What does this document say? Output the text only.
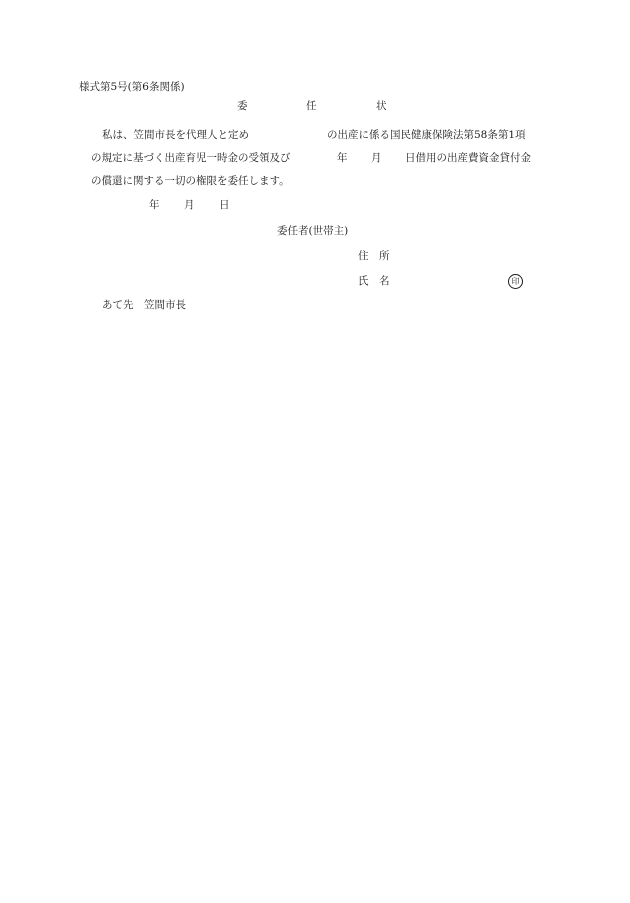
様式第5号(第6条関係)
委	任	状
私は、笠間市長を代理人と定め	の出産に係る国民健康保険法第58条第1項
の規定に基づく出産育児一時金の受領及び	年 月 日借用の出産費資金貸付金
の償還に関する一切の権限を委任します。
年 月 日
委任者(世帯主)
住　所
氏　名	印
あて先　笠間市長
